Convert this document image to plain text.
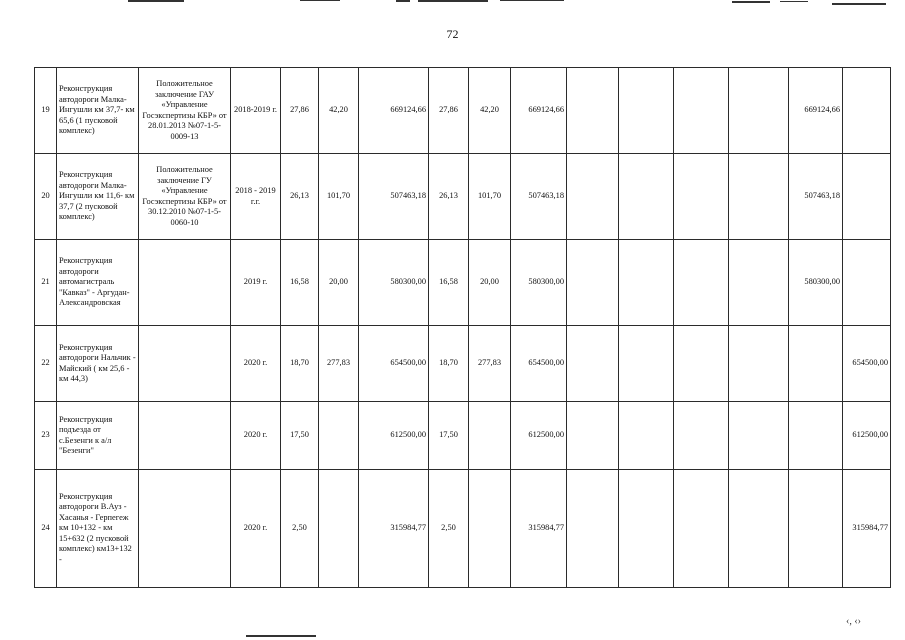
72
19	Реконструкция автодороги Малка-Ингушли км 37,7- км 65,6 (1 пусковой комплекс)	Положительное заключение ГАУ «Управление Госэкспертизы КБР» от 28.01.2013 №07-1-5-0009-13	2018-2019 г.	27,86	42,20	669124,66	27,86	42,20	669124,66					669124,66	
20	Реконструкция автодороги Малка-Ингушли км 11,6- км 37,7 (2 пусковой комплекс)	Положительное заключение ГУ «Управление Госэкспертизы КБР» от 30.12.2010 №07-1-5-0060-10	2018 - 2019 г.г.	26,13	101,70	507463,18	26,13	101,70	507463,18					507463,18	
21	Реконструкция автодороги автомагистраль "Кавказ" - Аргудан-Александровская		2019 г.	16,58	20,00	580300,00	16,58	20,00	580300,00					580300,00	
22	Реконструкция автодороги Нальчик - Майский ( км 25,6 - км 44,3)		2020 г.	18,70	277,83	654500,00	18,70	277,83	654500,00						654500,00
23	Реконструкция подъезда от с.Безенги к а/л "Безенги"		2020 г.	17,50		612500,00	17,50		612500,00						612500,00
24	Реконструкция автодороги В.Ауз - Хасанья - Герпегеж км 10+132 - км 15+632 (2 пусковой комплекс) км13+132 -		2020 г.	2,50		315984,77	2,50		315984,77						315984,77
‹, ‹›
